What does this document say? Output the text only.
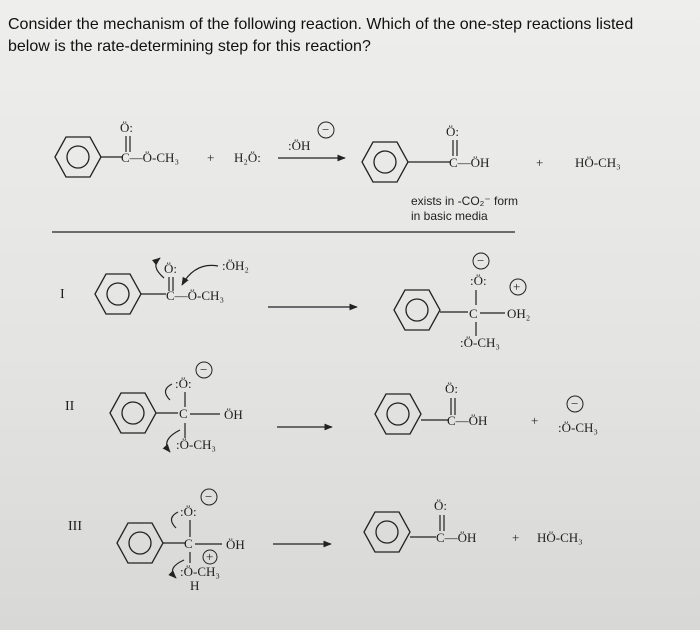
Consider the mechanism of the following reaction. Which of the one-step reactions listed

below is the rate-determining step for this reaction?

Ö:
C—Ö-CH₃ + H₂Ö:
:ÖH
−	Ö:
C—ÖH	+ HÖ-CH₃
exists in -CO₂⁻ form
in basic media
I
Ö:	:ÖH₂
C—Ö-CH₃
−
:Ö: +
C OH₂
:Ö-CH₃
II
−
:Ö:
C	ÖH
:Ö-CH₃
Ö:
C—ÖH	+
−
:Ö-CH₃
III
−
:Ö:
C	ÖH
+
:Ö-CH₃
H
Ö:
C—ÖH	+ HÖ-CH₃
